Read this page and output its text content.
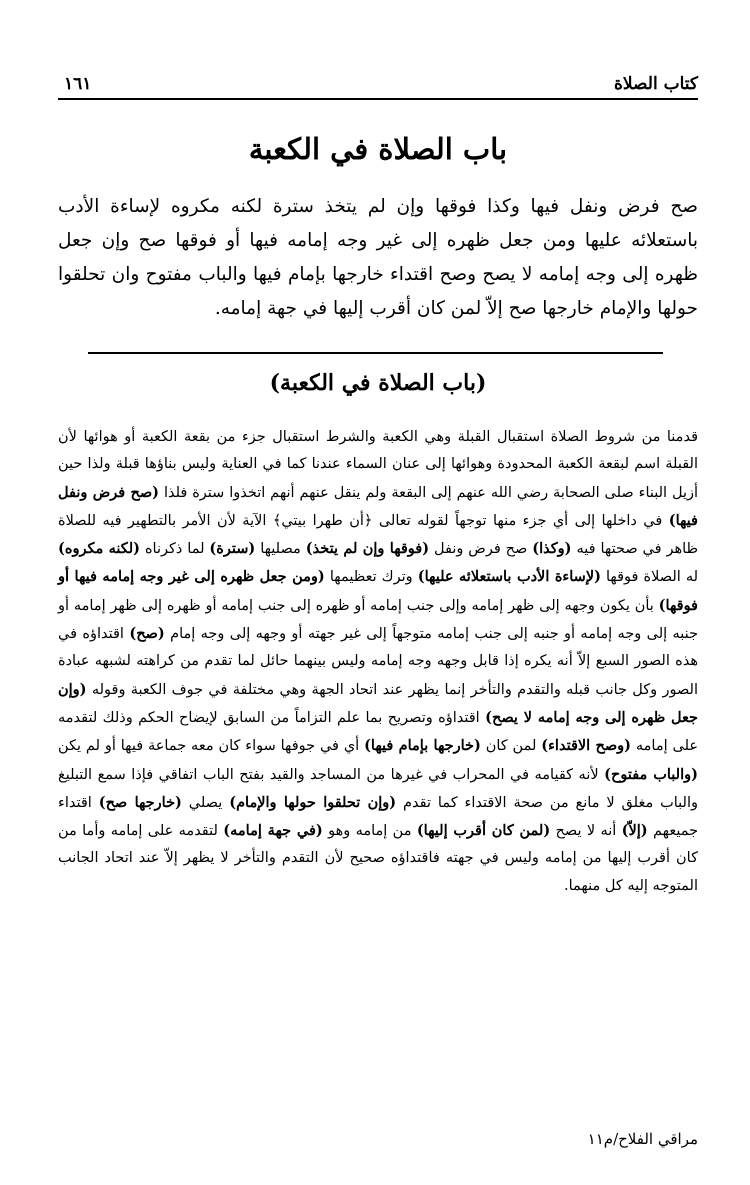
كتاب الصلاة
١٦١
باب الصلاة في الكعبة
صح فرض ونفل فيها وكذا فوقها وإن لم يتخذ سترة لكنه مكروه لإساءة الأدب باستعلائه عليها ومن جعل ظهره إلى غير وجه إمامه فيها أو فوقها صح وإن جعل ظهره إلى وجه إمامه لا يصح وصح اقتداء خارجها بإمام فيها والباب مفتوح وان تحلقوا حولها والإمام خارجها صح إلاّ لمن كان أقرب إليها في جهة إمامه.
(باب الصلاة في الكعبة)
قدمنا من شروط الصلاة استقبال القبلة وهي الكعبة والشرط استقبال جزء من بقعة الكعبة أو هوائها لأن القبلة اسم لبقعة الكعبة المحدودة وهوائها إلى عنان السماء عندنا كما في العناية وليس بناؤها قبلة ولذا حين أزيل البناء صلى الصحابة رضي الله عنهم إلى البقعة ولم ينقل عنهم أنهم اتخذوا سترة فلذا (صح فرض ونفل فيها) في داخلها إلى أي جزء منها توجهاً لقوله تعالى ﴿أن طهرا بيتي﴾ الآية لأن الأمر بالتطهير فيه للصلاة ظاهر في صحتها فيه (وكذا) صح فرض ونفل (فوقها وإن لم يتخذ) مصليها (سترة) لما ذكرناه (لكنه مكروه) له الصلاة فوقها (لإساءة الأدب باستعلائه عليها) وترك تعظيمها (ومن جعل ظهره إلى غير وجه إمامه فيها أو فوقها) بأن يكون وجهه إلى ظهر إمامه وإلى جنب إمامه أو ظهره إلى جنب إمامه أو ظهره إلى ظهر إمامه أو جنبه إلى وجه إمامه أو جنبه إلى جنب إمامه متوجهاً إلى غير جهته أو وجهه إلى وجه إمام (صح) اقتداؤه في هذه الصور السبع إلاّ أنه يكره إذا قابل وجهه وجه إمامه وليس بينهما حائل لما تقدم من كراهته لشبهه عبادة الصور وكل جانب قبله والتقدم والتأخر إنما يظهر عند اتحاد الجهة وهي مختلفة في جوف الكعبة وقوله (وإن جعل ظهره إلى وجه إمامه لا يصح) اقتداؤه وتصريح بما علم التزاماً من السابق لإيضاح الحكم وذلك لتقدمه على إمامه (وصح الاقتداء) لمن كان (خارجها بإمام فيها) أي في جوفها سواء كان معه جماعة فيها أو لم يكن (والباب مفتوح) لأنه كقيامه في المحراب في غيرها من المساجد والقيد بفتح الباب اتفاقي فإذا سمع التبليغ والباب مغلق لا مانع من صحة الاقتداء كما تقدم (وإن تحلقوا حولها والإمام) يصلي (خارجها صح) اقتداء جميعهم (إلاّ) أنه لا يصح (لمن كان أقرب إليها) من إمامه وهو (في جهة إمامه) لتقدمه على إمامه وأما من كان أقرب إليها من إمامه وليس في جهته فاقتداؤه صحيح لأن التقدم والتأخر لا يظهر إلاّ عند اتحاد الجانب المتوجه إليه كل منهما.
مراقي الفلاح/م١١
